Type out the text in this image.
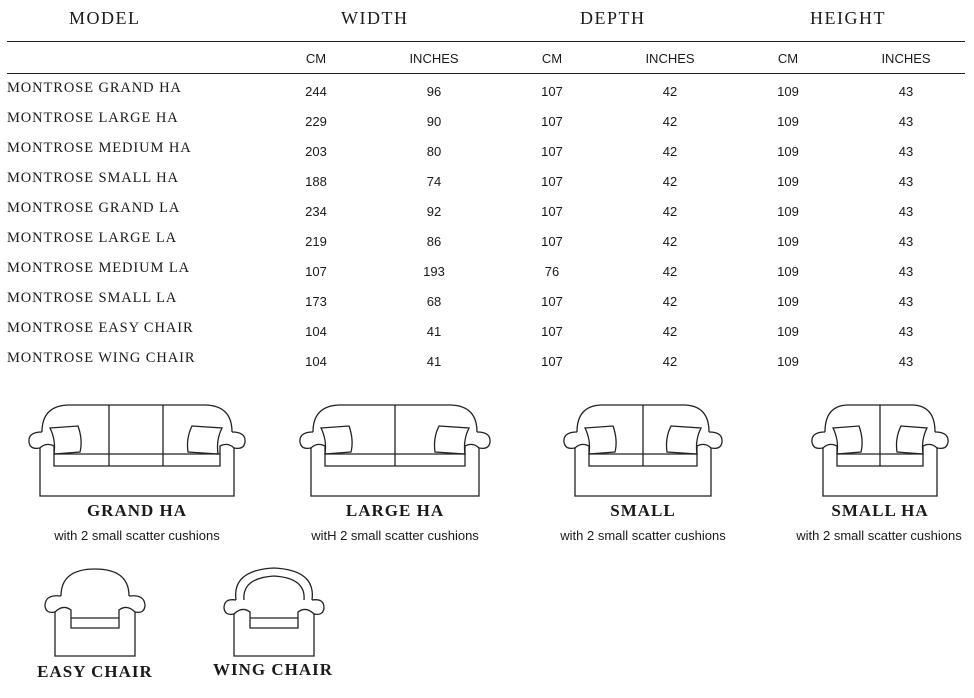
MODEL	WIDTH	DEPTH	HEIGHT
CM	INCHES	CM	INCHES	CM	INCHES
MONTROSE GRAND HA	244	96	107	42	109	43
MONTROSE LARGE HA	229	90	107	42	109	43
MONTROSE MEDIUM HA	203	80	107	42	109	43
MONTROSE SMALL HA	188	74	107	42	109	43
MONTROSE GRAND LA	234	92	107	42	109	43
MONTROSE LARGE LA	219	86	107	42	109	43
MONTROSE MEDIUM LA	107	193	76	42	109	43
MONTROSE SMALL LA	173	68	107	42	109	43
MONTROSE EASY CHAIR	104	41	107	42	109	43
MONTROSE WING CHAIR	104	41	107	42	109	43
GRAND HA
with 2 small scatter cushions
LARGE HA
witH 2 small scatter cushions
SMALL
with 2 small scatter cushions
SMALL HA
with 2 small scatter cushions
EASY CHAIR	WING CHAIR
